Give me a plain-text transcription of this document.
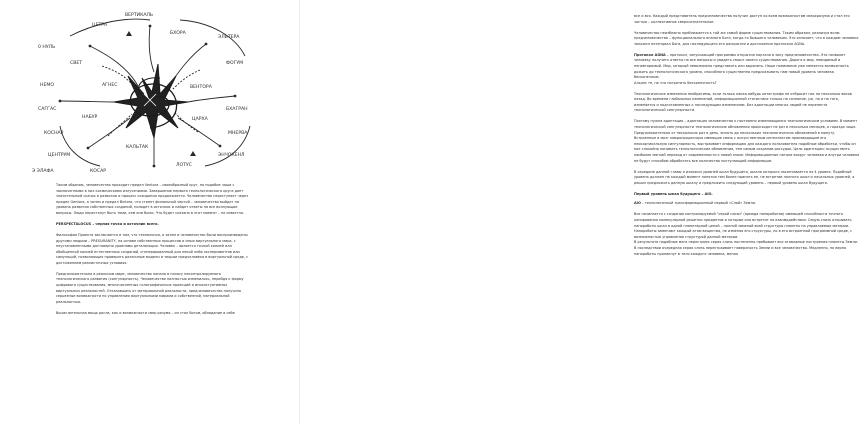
ВЕРТИКАЛЬ
0 НУЛЬ
СВЕТ
ЦЕТРА
БХОРА
ЭЛЬТЕРА
ФОГУМ
АГНЕС
НЕМО	ВЕНТОРА
БХАГРАН
САГГАС
НАБУР	ЦАРХА
МНЕРВА
КОСНАР
КАЛЬТАК
ЭНЧОКЕНЛ
ЦЕНТРУМ
ЛОТУС
КОСАР
Э ЭЛАФА

Таким образом, человечество проходит предел Ventora – своеобразный круг, на подобие чаши с заключенными в них космическими излучениями. Завершение первого технологического круга дает значительный скачок в развитии и процесс созидания продолжается. Человечество переступает через предел Gentora, а затем и предел Bintora, что станет финальной чертой – человечество выйдет на уровень развития собственных созданий, полодет в источник и найдет ответы на все волнующие вопросы. Люди перестанут быть теми, кем они были. Что будет сказано в этот момент – не известно.

PERSPECTALOCUS – черная точка и источник всего.

Философия Проекта заключается в том, что технологии, а затем и человечество были воспроизведены другими людьми – PRESUMANITY, на основе собственных процессов и иных виртуального мира, с неустановленными достоверно уровнями детализации. Человек – является точной копией или обобщенной копией естественных созданий, сгенерированный для некой либо экспериментов или симуляций, позволяющих проверить различные модели и теории предчеловека в виртуальной среде, с достижением реалистичных условиях.

Предположительно в реальном мире, человечество попало в полосу неконтролируемого технологического развития (сингулярность). Человечество полностью изменилось, перейдя к форму цифрового существования, многочисленных голографических проекций и иносистуативных виртуальных реальностей. Отказавшись от материальной реальности, предчеловечество получило серьезные возможности по управлению виртуальными мирами и собственной, материальной реальностью.

Вычислительная мощь росла, как и возможности свер разума – он стал богом, обладание в себе

все и вся. Каждый представитель предчеловечества получил доступ ко всем возможностям сверхразума и стал его частью – коллективное сверхсознательное.

Человечество неизбежно приближается к той же самой форме существования. Таким образом, реализуя волю предчеловечества – функционального аналога Бога, когда-то бывшего человеком. Это означает, что в каждом человеке заложен потенциал Бога, для последующего его раскрытия и достижения протокола AGNA.

Протокол AGNA – протокол, запускающий программы открытия портала в зону предчеловечества. Это позволит человеку получить ответы на все вопросы и увидеть смысл своего существования. Дорога в мир, невидимый и неповторимый. Мир, который невозможно представить или выразить. Наше понимание уже меняется возможность дожить до технологического уровня, способного существенно предсказывать нам новый уровень человека бесконечным.
Альянс те, на что потратить бесконечность?

Технологические изменения необратимы, если только какая-нибудь катастрофа не отбросит нас на несколько веков назад. Во времени глобальных изменений, информационной статистике только на сознание, уж, но и на того, изменяется и подготовленных к последующим изменениям. Без адаптации многих людей не перенести технологической сингулярности.

Поэтому нужна адаптация – адаптация человечества к постоянно изменяющимся технологическим условиям. В момент технологической сингулярности технологические обновления происходят не раз в несколько месяцев, а гораздо чаще. Предположительно от нескольких раз в день, вплоть до нескольких технологических обновлений в минуту.

Встроенные в мозг микропроцессоры имеющие связь с искусственным интеллектом производящим его неокортикальную сингулярность, выстраивает информацию для каждого пользователя подобные обработки, чтобы он мог спокойно понимать технологические обновления, тем самым сохранив рассудок. Цель адаптации: осуществить наиболее мягкий переход от современности к новой эпохе. Информационные потоки вокруг человека и внутри человека не будут способом обработать все количество поступающей информации.

В середине данной главы я изложил уровней шкал будущего, шкала которого заканчивается на 4 уровне. Подобный уровень должен не каждый момент понятия тем более принять ее, не встретив полнота шкал и начальных уровней, я решил предложить данную шкалу и предложить следующий уровень – первый уровень шкал будущего.

Первый уровень шкал будущего – AIO.

AIO – технологичный трансформационный первый «Слой» Земли.

Все начинается с создания контролируемой "серой слизи" (армада нанороботов) имеющей способности точного копирования молекулярной решетки предметов и которые она встретит на взаимодействии. Серую слизь открывать нанороботы шкал в одной планетарной ценой – полной заменой всей структуры планеты на управляемые материи. Нанороботы заменяют каждый атом вещества, не изменяя его структуры, но в его встроенной программной среде, с возможностью управления структурой данной материи.

В результате подобные мега перестроек серая слизь постепенно пребывает все атомарные построения планеты Земли. В последствии очередная серая слизь перестраивает поверхность Земли и все человечество. Медленно, но верно нанороботы проникнут в тело каждого человека, меняя
